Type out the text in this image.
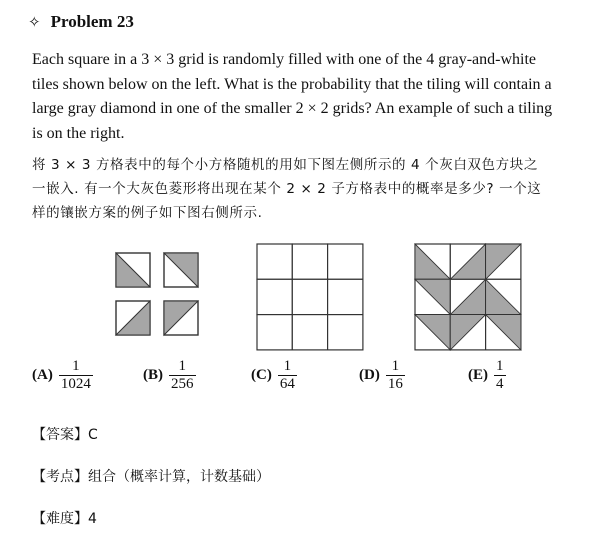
✧ Problem 23
Each square in a 3 × 3 grid is randomly filled with one of the 4 gray-and-white
tiles shown below on the left. What is the probability that the tiling will contain a
large gray diamond in one of the smaller 2 × 2 grids? An example of such a tiling
is on the right.
将 3 × 3 方格表中的每个小方格随机的用如下图左侧所示的 4 个灰白双色方块之
一嵌入. 有一个大灰色菱形将出现在某个 2 × 2 子方格表中的概率是多少? 一个这
样的镶嵌方案的例子如下图右侧所示.
$(A) \frac{1}{1024}$	$(B) \frac{1}{256}$	$(C) \frac{1}{64}$	$(D) \frac{1}{16}$	$(E) \frac{1}{4}$
【答案】C
【考点】组合（概率计算，计数基础）
【难度】4
